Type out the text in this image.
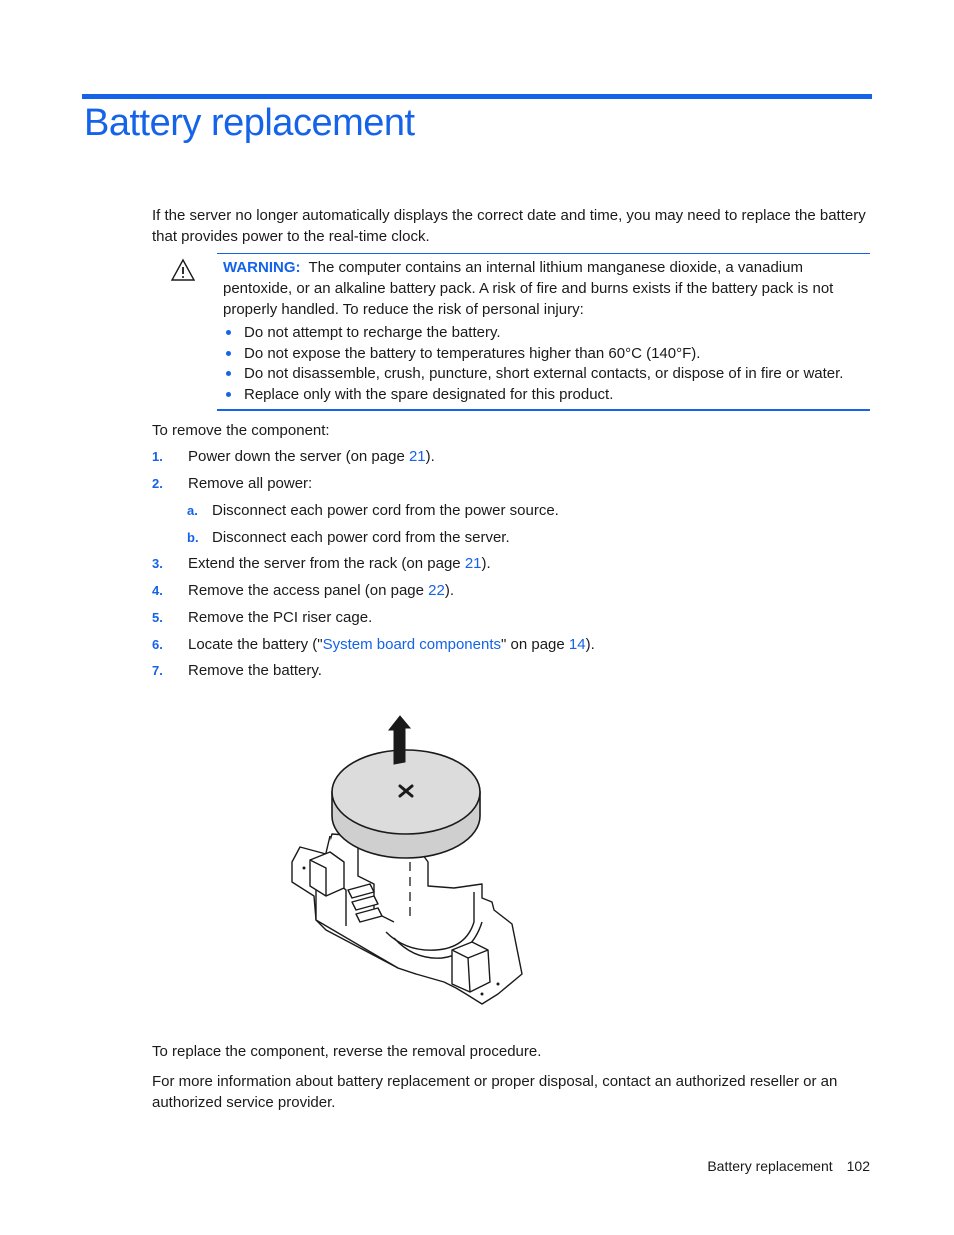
Battery replacement

If the server no longer automatically displays the correct date and time, you may need to replace the battery that provides power to the real-time clock.

WARNING: The computer contains an internal lithium manganese dioxide, a vanadium pentoxide, or an alkaline battery pack. A risk of fire and burns exists if the battery pack is not properly handled. To reduce the risk of personal injury:

Do not attempt to recharge the battery.
Do not expose the battery to temperatures higher than 60°C (140°F).
Do not disassemble, crush, puncture, short external contacts, or dispose of in fire or water.
Replace only with the spare designated for this product.

To remove the component:

1. Power down the server (on page 21).
2. Remove all power:
a. Disconnect each power cord from the power source.
b. Disconnect each power cord from the server.
3. Extend the server from the rack (on page 21).
4. Remove the access panel (on page 22).
5. Remove the PCI riser cage.
6. Locate the battery ("System board components" on page 14).
7. Remove the battery.

To replace the component, reverse the removal procedure.

For more information about battery replacement or proper disposal, contact an authorized reseller or an authorized service provider.

Battery replacement 102
